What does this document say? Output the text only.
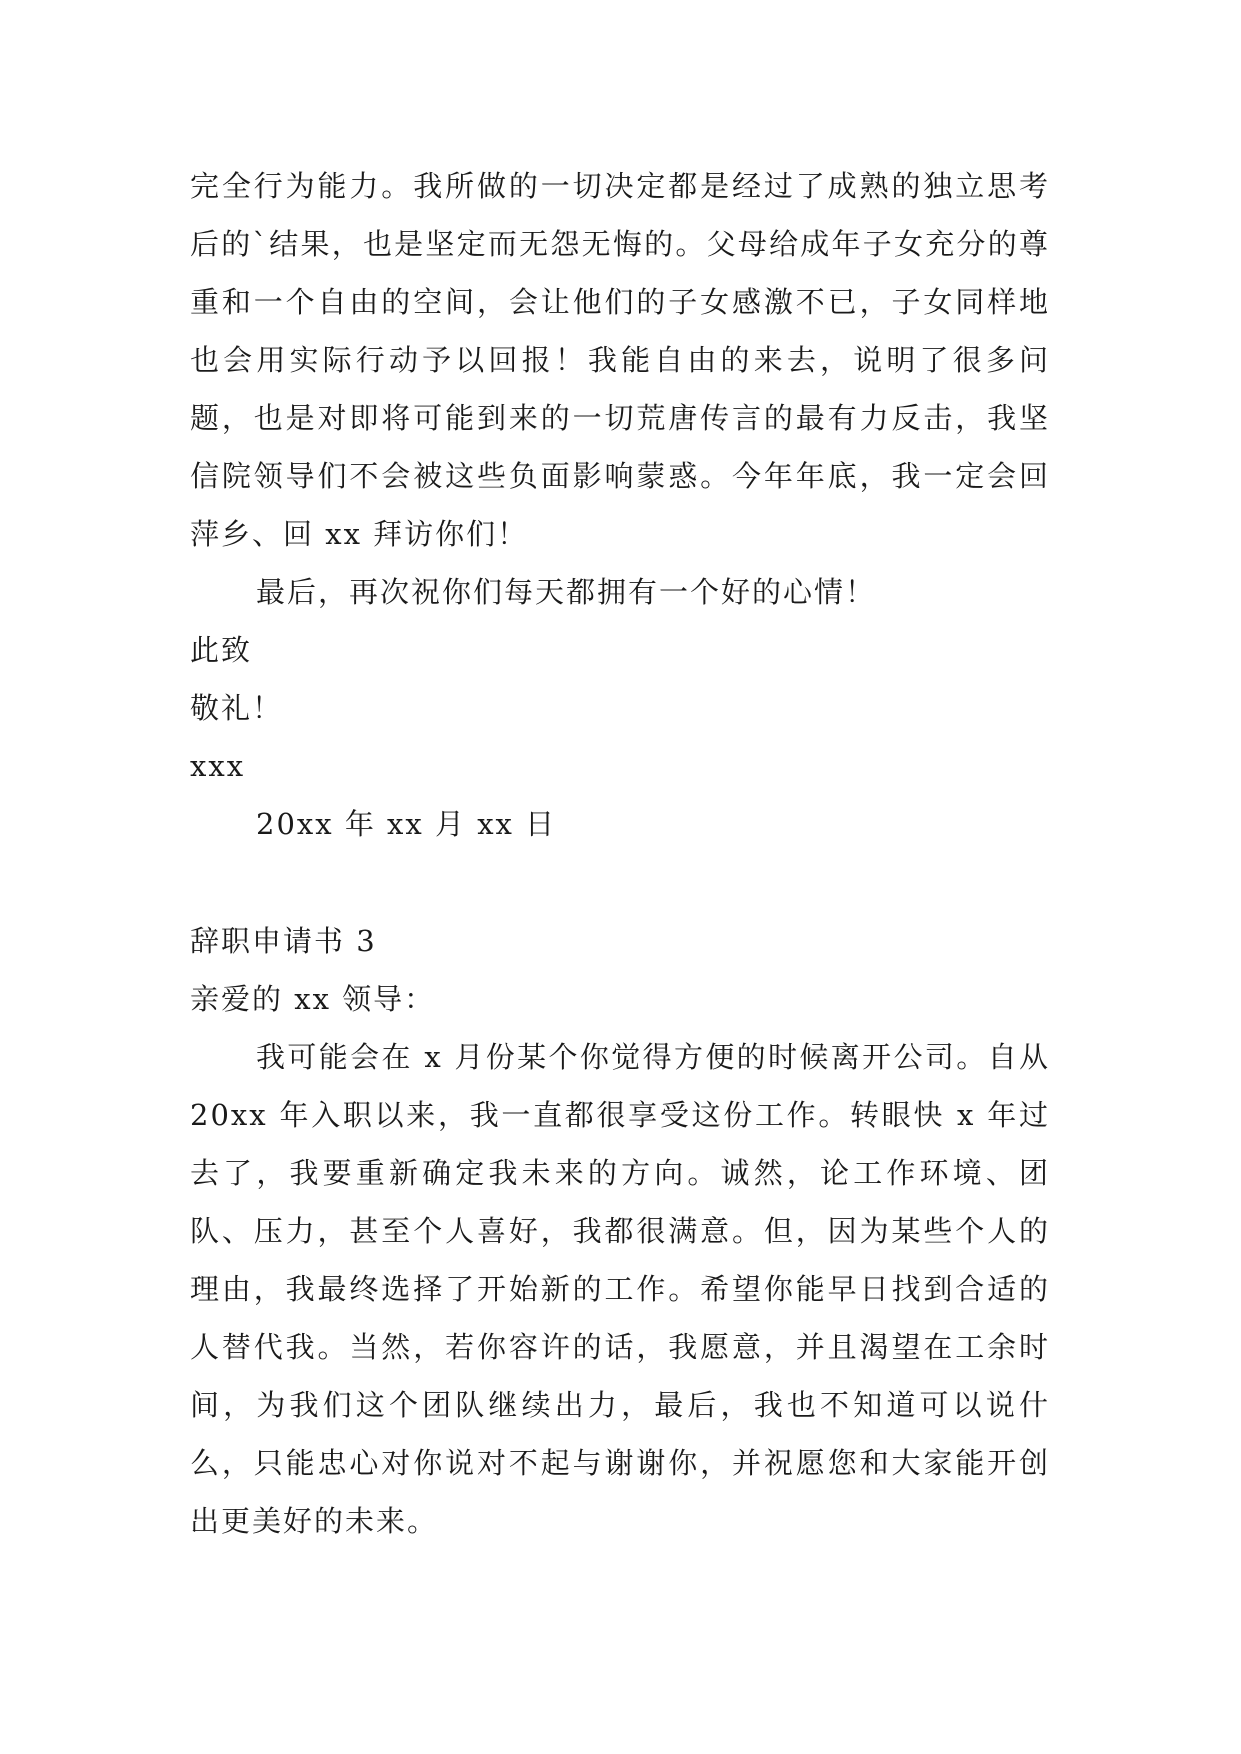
完全行为能力。我所做的一切决定都是经过了成熟的独立思考后的`结果，也是坚定而无怨无悔的。父母给成年子女充分的尊重和一个自由的空间，会让他们的子女感激不已，子女同样地也会用实际行动予以回报！我能自由的来去，说明了很多问题，也是对即将可能到来的一切荒唐传言的最有力反击，我坚信院领导们不会被这些负面影响蒙惑。今年年底，我一定会回萍乡、回 xx 拜访你们！
最后，再次祝你们每天都拥有一个好的心情！
此致
敬礼！
xxx
20xx 年 xx 月 xx 日
辞职申请书 3
亲爱的 xx 领导：
我可能会在 x 月份某个你觉得方便的时候离开公司。自从 20xx 年入职以来，我一直都很享受这份工作。转眼快 x 年过去了，我要重新确定我未来的方向。诚然，论工作环境、团队、压力，甚至个人喜好，我都很满意。但，因为某些个人的理由，我最终选择了开始新的工作。希望你能早日找到合适的人替代我。当然，若你容许的话，我愿意，并且渴望在工余时间，为我们这个团队继续出力，最后，我也不知道可以说什么，只能忠心对你说对不起与谢谢你，并祝愿您和大家能开创出更美好的未来。
